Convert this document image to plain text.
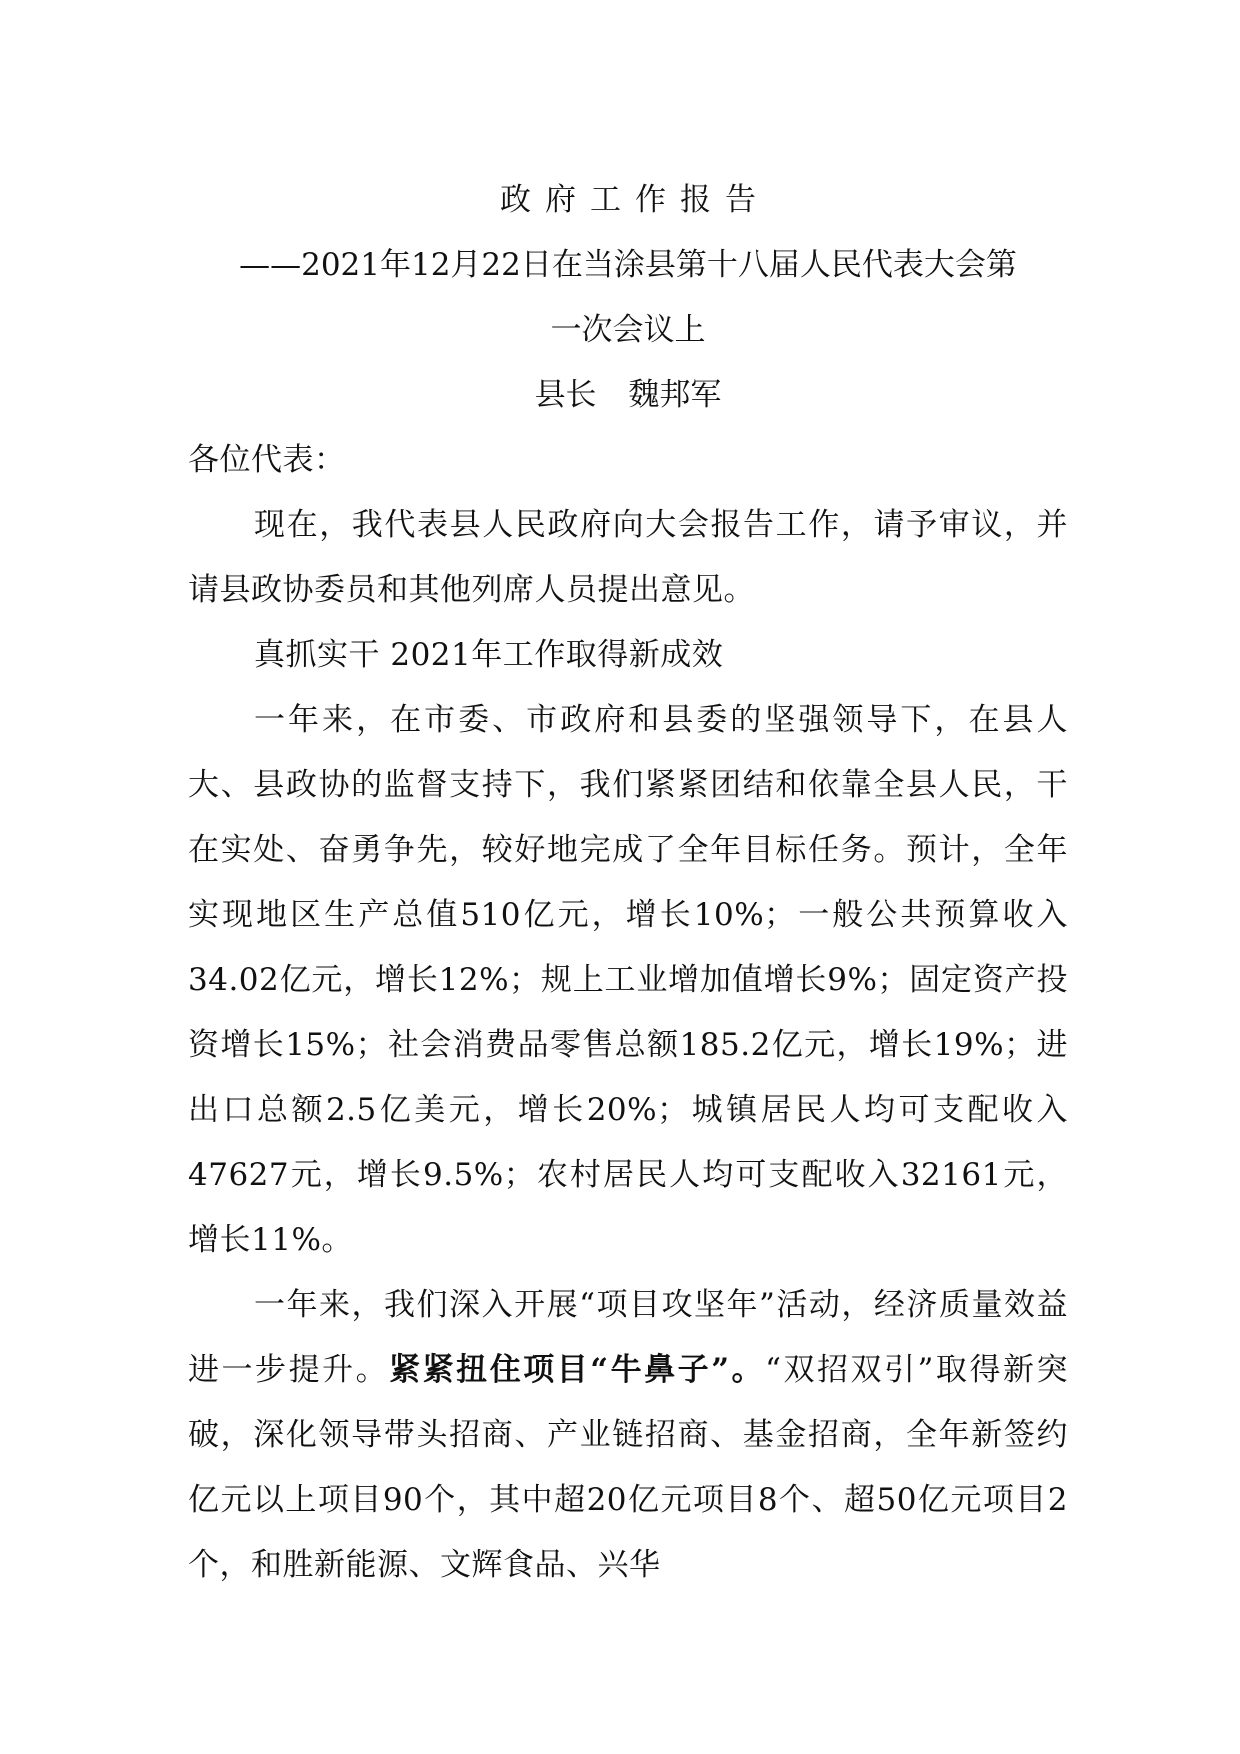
政府工作报告

——2021年12月22日在当涂县第十八届人民代表大会第

一次会议上

县长 魏邦军

各位代表：

现在，我代表县人民政府向大会报告工作，请予审议，并请县政协委员和其他列席人员提出意见。

真抓实干 2021年工作取得新成效

一年来，在市委、市政府和县委的坚强领导下，在县人大、县政协的监督支持下，我们紧紧团结和依靠全县人民，干在实处、奋勇争先，较好地完成了全年目标任务。预计，全年实现地区生产总值510亿元，增长10%；一般公共预算收入34.02亿元，增长12%；规上工业增加值增长9%；固定资产投资增长15%；社会消费品零售总额185.2亿元，增长19%；进出口总额2.5亿美元，增长20%；城镇居民人均可支配收入47627元，增长9.5%；农村居民人均可支配收入32161元，增长11%。

一年来，我们深入开展“项目攻坚年”活动，经济质量效益进一步提升。紧紧扭住项目“牛鼻子”。“双招双引”取得新突破，深化领导带头招商、产业链招商、基金招商，全年新签约亿元以上项目90个，其中超20亿元项目8个、超50亿元项目2个，和胜新能源、文辉食品、兴华
